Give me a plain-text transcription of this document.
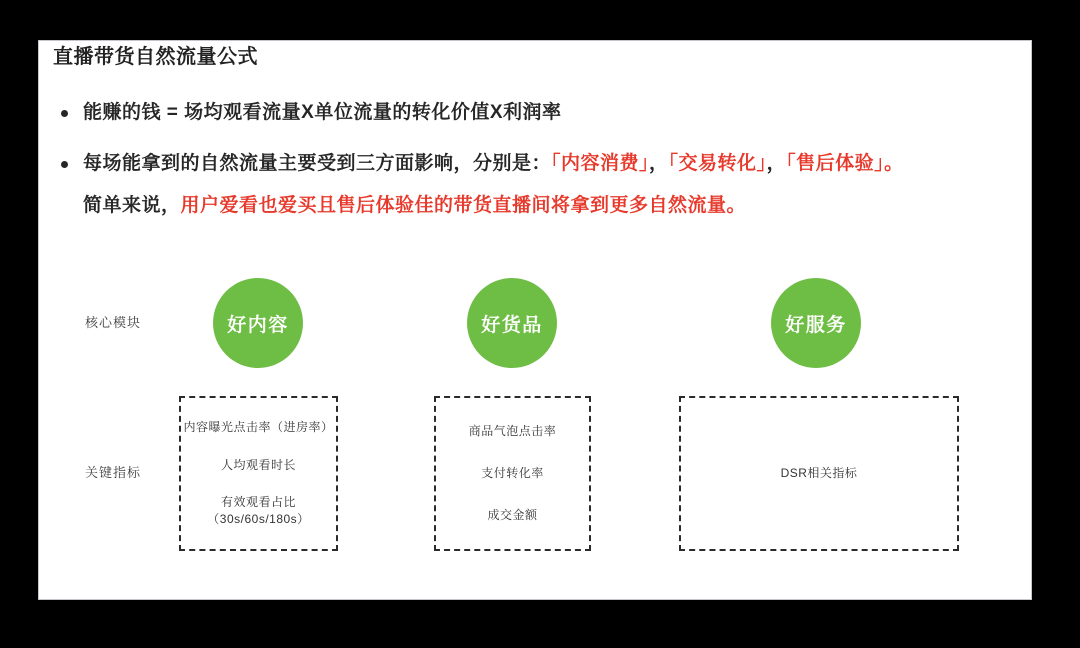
直播带货自然流量公式

能赚的钱 = 场均观看流量X单位流量的转化价值X利润率

每场能拿到的自然流量主要受到三方面影响，分别是：「内容消费」，「交易转化」，「售后体验」。
简单来说，用户爱看也爱买且售后体验佳的带货直播间将拿到更多自然流量。

核心模块
关键指标
好内容	好货品	好服务
内容曝光点击率（进房率）
人均观看时长
有效观看占比
（30s/60s/180s）
商品气泡点击率
支付转化率
成交金额
DSR相关指标
